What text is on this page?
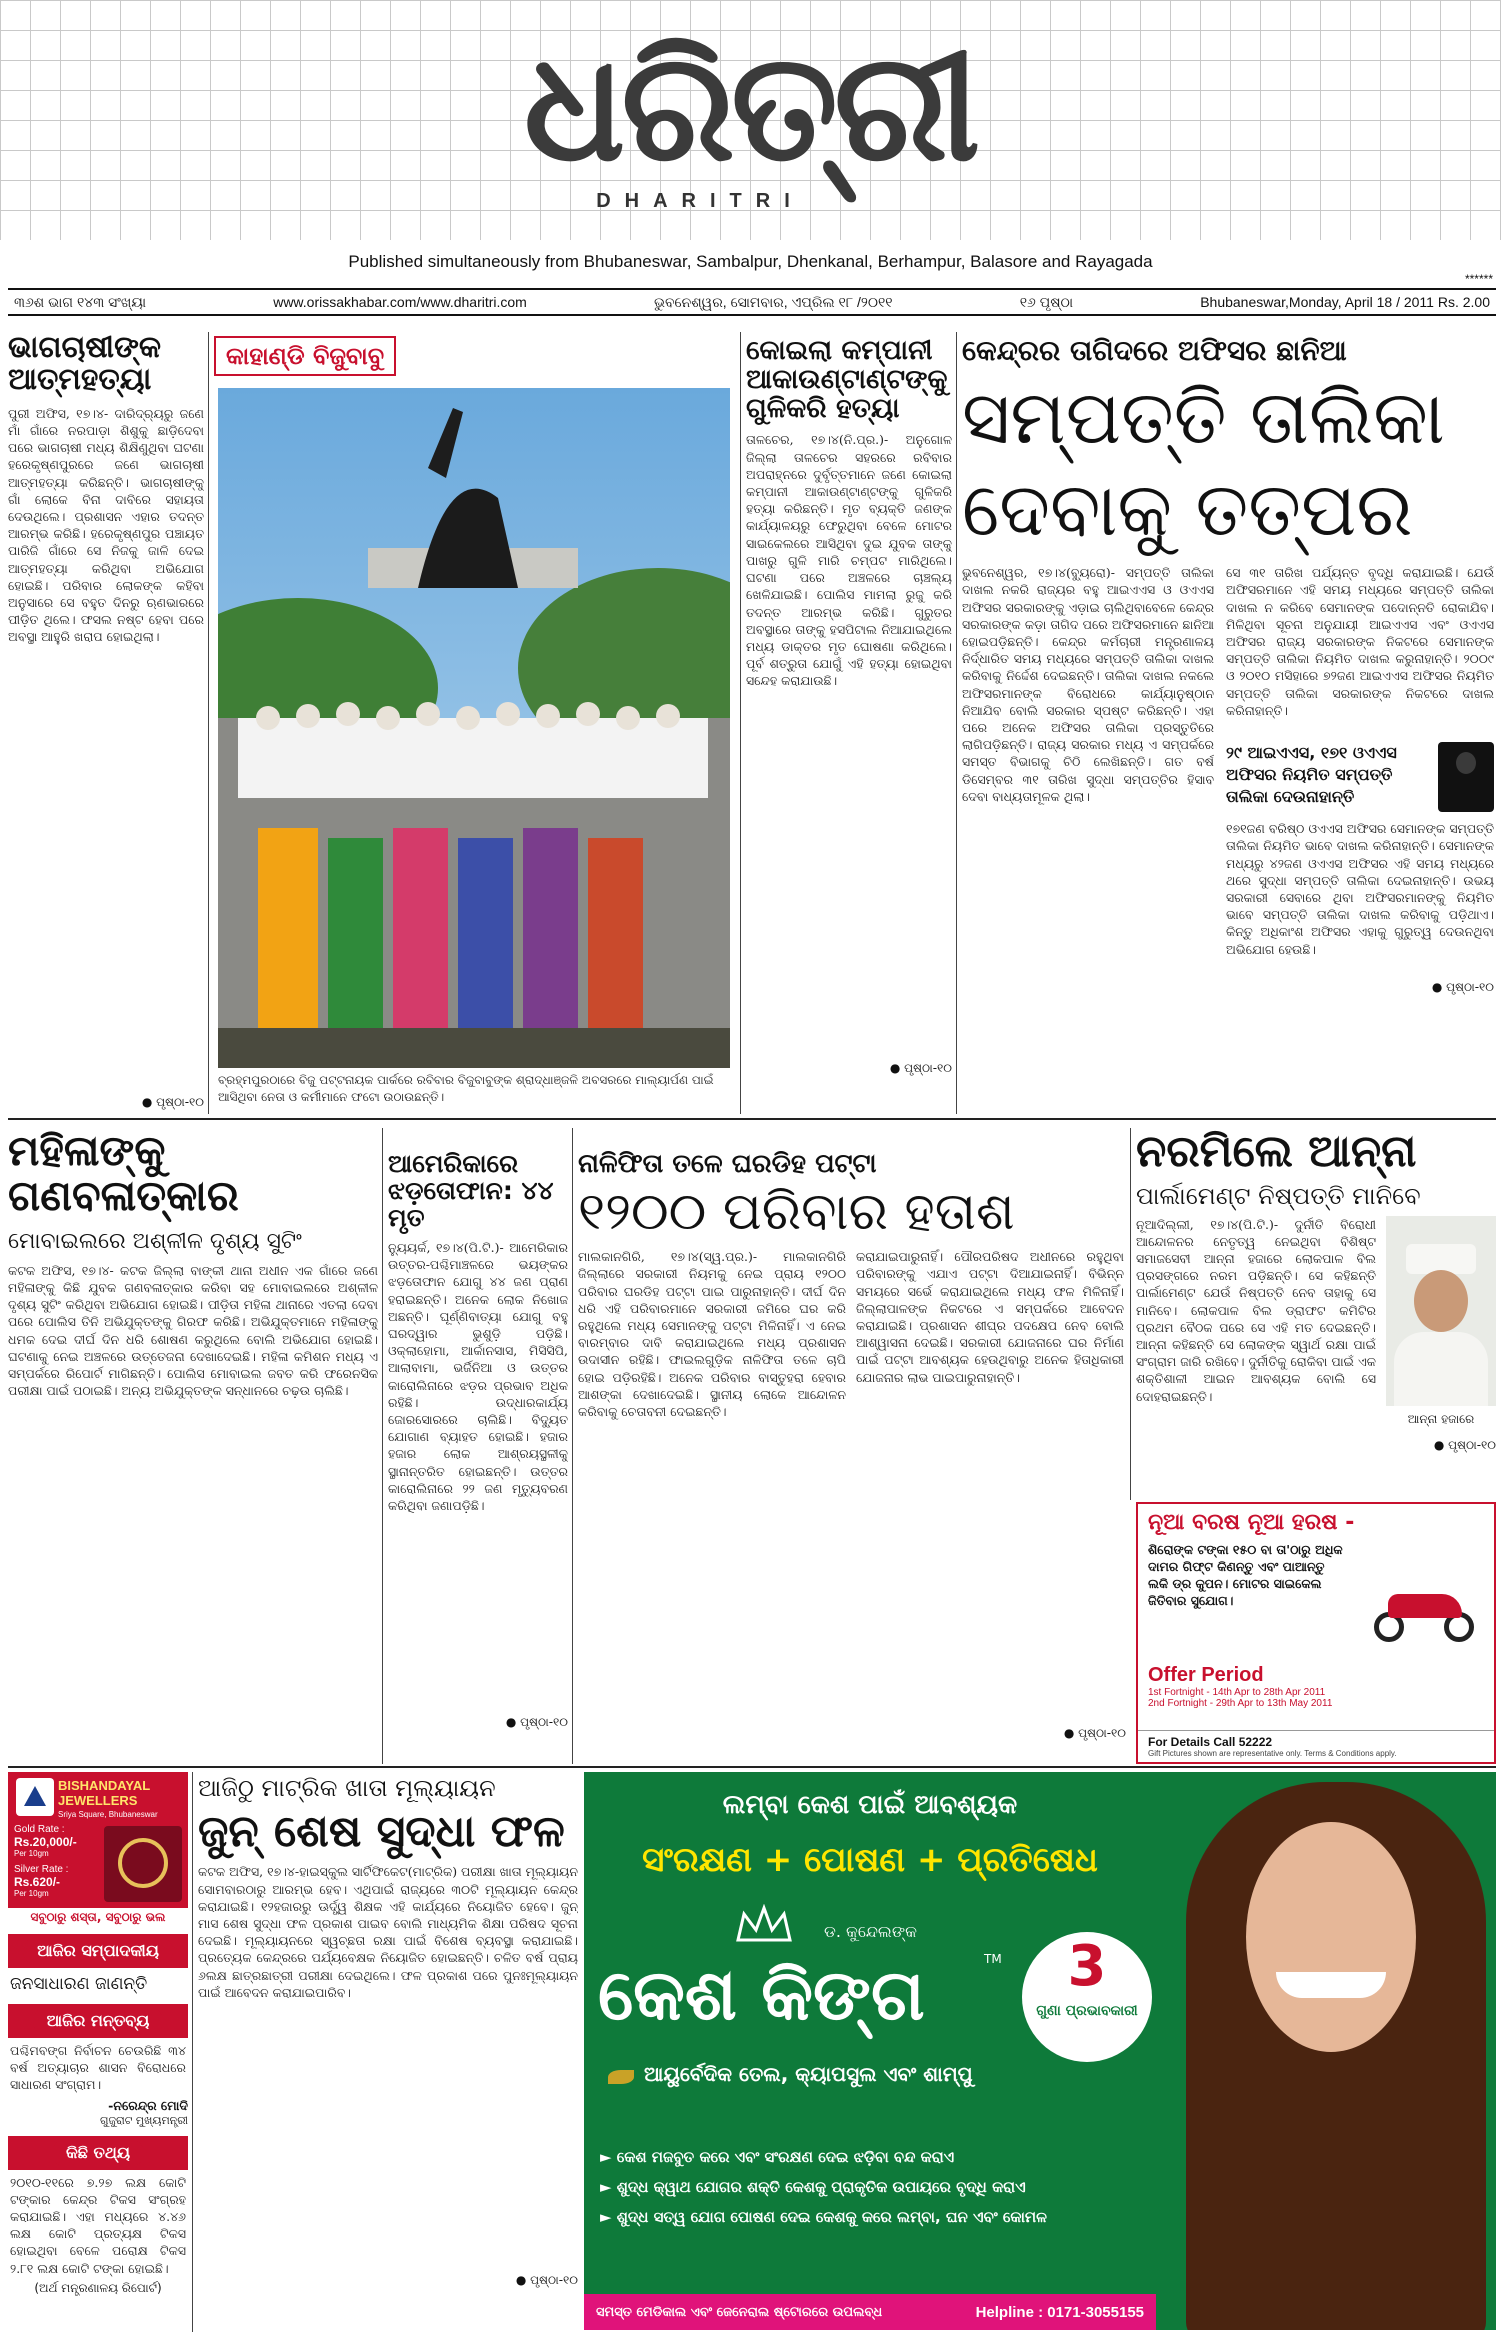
ଧରିତ୍ରୀ
DHARITRI
Published simultaneously from Bhubaneswar, Sambalpur, Dhenkanal, Berhampur, Balasore and Rayagada
******
୩୬ଶ ଭାଗ ୧୪୩ ସଂଖ୍ୟା	www.orissakhabar.com/www.dharitri.com	ଭୁବନେଶ୍ୱର, ସୋମବାର, ଏପ୍ରିଲ ୧୮ /୨୦୧୧	୧୬ ପୃଷ୍ଠା	Bhubaneswar,Monday, April 18 / 2011 Rs. 2.00
ଭାଗଚାଷୀଙ୍କ ଆତ୍ମହତ୍ୟା
ପୁରୀ ଅଫିସ, ୧୭।୪- ଦାରିଦ୍ର୍ୟରୁ ଜଣେ ମାଁ ଗାଁରେ ନରପାଡ଼ା ଶିଶୁକୁ ଛାଡ଼ିଦେବା ପରେ ଭାଗଚାଷୀ ମଧ୍ୟ ଶିକ୍ଷିଣୁଥିବା ଘଟଣା ହରେକୃଷ୍ଣପୁରରେ ଜଣେ ଭାଗଚାଷୀ ଆତ୍ମହତ୍ୟା କରିଛନ୍ତି। ଭାଗଚାଷୀଙ୍କୁ ଗାଁ ଲୋକେ ବିନା ଦାବିରେ ସହାୟତା ଦେଉଥିଲେ। ପ୍ରଶାସନ ଏହାର ତଦନ୍ତ ଆରମ୍ଭ କରିଛି। ହରେକୃଷ୍ଣପୁର ପଞ୍ଚାୟତ ପାରିଜି ଗାଁରେ ସେ ନିଜକୁ ଜାଳି ଦେଇ ଆତ୍ମହତ୍ୟା କରିଥିବା ଅଭିଯୋଗ ହୋଇଛି। ପରିବାର ଲୋକଙ୍କ କହିବା ଅନୁସାରେ ସେ ବହୁତ ଦିନରୁ ଋଣଭାରରେ ପୀଡ଼ିତ ଥିଲେ। ଫସଲ ନଷ୍ଟ ହେବା ପରେ ଅବସ୍ଥା ଆହୁରି ଖରାପ ହୋଇଥିଲା।
● ପୃଷ୍ଠା-୧୦
କାହାଣ୍ଡି ବିଜୁବାବୁ
ବ୍ରହ୍ମପୁରଠାରେ ବିଜୁ ପଟ୍ଟନାୟକ ପାର୍କରେ ରବିବାର ବିଜୁବାବୁଙ୍କ ଶ୍ରାଦ୍ଧାଞ୍ଜଳି ଅବସରରେ ମାଲ୍ୟାର୍ପଣ ପାଇଁ ଆସିଥିବା ନେତା ଓ କର୍ମୀମାନେ ଫଟୋ ଉଠାଉଛନ୍ତି।
କୋଇଲା କମ୍ପାନୀ ଆକାଉଣ୍ଟାଣ୍ଟଙ୍କୁ ଗୁଳିକରି ହତ୍ୟା
ତାଳଚେର, ୧୭।୪(ନି.ପ୍ର.)- ଅନୁଗୋଳ ଜିଲ୍ଲା ତାଳଚେର ସହରରେ ରବିବାର ଅପରାହ୍ନରେ ଦୁର୍ବୃତ୍ତମାନେ ଜଣେ କୋଇଲା କମ୍ପାନୀ ଆକାଉଣ୍ଟାଣ୍ଟଙ୍କୁ ଗୁଳିକରି ହତ୍ୟା କରିଛନ୍ତି। ମୃତ ବ୍ୟକ୍ତି ଜଣଙ୍କ କାର୍ଯ୍ୟାଳୟରୁ ଫେରୁଥିବା ବେଳେ ମୋଟର ସାଇକେଲରେ ଆସିଥିବା ଦୁଇ ଯୁବକ ତାଙ୍କୁ ପାଖରୁ ଗୁଳି ମାରି ଚମ୍ପଟ ମାରିଥିଲେ। ଘଟଣା ପରେ ଅଞ୍ଚଳରେ ଚାଞ୍ଚଲ୍ୟ ଖେଳିଯାଇଛି। ପୋଲିସ ମାମଲା ରୁଜୁ କରି ତଦନ୍ତ ଆରମ୍ଭ କରିଛି। ଗୁରୁତର ଅବସ୍ଥାରେ ତାଙ୍କୁ ହସପିଟାଲ ନିଆଯାଇଥିଲେ ମଧ୍ୟ ଡାକ୍ତର ମୃତ ଘୋଷଣା କରିଥିଲେ। ପୂର୍ବ ଶତ୍ରୁତା ଯୋଗୁଁ ଏହି ହତ୍ୟା ହୋଇଥିବା ସନ୍ଦେହ କରାଯାଉଛି।
● ପୃଷ୍ଠା-୧୦
କେନ୍ଦ୍ରର ତାଗିଦରେ ଅଫିସର ଛାନିଆ
ସମ୍ପତ୍ତି ତାଲିକା ଦେବାକୁ ତତ୍ପର
ଭୁବନେଶ୍ୱର, ୧୭।୪(ବ୍ୟୁରୋ)- ସମ୍ପତ୍ତି ତାଲିକା ଦାଖଲ ନକରି ରାଜ୍ୟର ବହୁ ଆଇଏଏସ ଓ ଓଏଏସ ଅଫିସର ସରକାରଙ୍କୁ ଏଡ଼ାଇ ଚାଲିଥିବାବେଳେ କେନ୍ଦ୍ର ସରକାରଙ୍କ କଡ଼ା ତାଗିଦ ପରେ ଅଫିସରମାନେ ଛାନିଆ ହୋଇପଡ଼ିଛନ୍ତି। କେନ୍ଦ୍ର କର୍ମଚାରୀ ମନ୍ତ୍ରଣାଳୟ ନିର୍ଦ୍ଧାରିତ ସମୟ ମଧ୍ୟରେ ସମ୍ପତ୍ତି ତାଲିକା ଦାଖଲ କରିବାକୁ ନିର୍ଦ୍ଦେଶ ଦେଇଛନ୍ତି। ତାଲିକା ଦାଖଲ ନକଲେ ଅଫିସରମାନଙ୍କ ବିରୋଧରେ କାର୍ଯ୍ୟାନୁଷ୍ଠାନ ନିଆଯିବ ବୋଲି ସରକାର ସ୍ପଷ୍ଟ କରିଛନ୍ତି। ଏହା ପରେ ଅନେକ ଅଫିସର ତାଲିକା ପ୍ରସ୍ତୁତିରେ ଲାଗିପଡ଼ିଛନ୍ତି। ରାଜ୍ୟ ସରକାର ମଧ୍ୟ ଏ ସମ୍ପର୍କରେ ସମସ୍ତ ବିଭାଗକୁ ଚିଠି ଲେଖିଛନ୍ତି। ଗତ ବର୍ଷ ଡିସେମ୍ବର ୩୧ ତାରିଖ ସୁଦ୍ଧା ସମ୍ପତ୍ତିର ହିସାବ ଦେବା ବାଧ୍ୟତାମୂଳକ ଥିଲା।
ସେ ୩୧ ତାରିଖ ପର୍ଯ୍ୟନ୍ତ ବୃଦ୍ଧି କରାଯାଇଛି। ଯେଉଁ ଅଫିସରମାନେ ଏହି ସମୟ ମଧ୍ୟରେ ସମ୍ପତ୍ତି ତାଲିକା ଦାଖଲ ନ କରିବେ ସେମାନଙ୍କ ପଦୋନ୍ନତି ରୋକାଯିବ। ମିଳିଥିବା ସୂଚନା ଅନୁଯାୟୀ ଆଇଏଏସ ଏବଂ ଓଏଏସ ଅଫିସର ରାଜ୍ୟ ସରକାରଙ୍କ ନିକଟରେ ସେମାନଙ୍କ ସମ୍ପତ୍ତି ତାଲିକା ନିୟମିତ ଦାଖଲ କରୁନାହାନ୍ତି। ୨୦୦୯ ଓ ୨୦୧୦ ମସିହାରେ ୭୨ଜଣ ଆଇଏଏସ ଅଫିସର ନିୟମିତ ସମ୍ପତ୍ତି ତାଲିକା ସରକାରଙ୍କ ନିକଟରେ ଦାଖଲ କରିନାହାନ୍ତି।
୨୯ ଆଇଏଏସ, ୧୭୧ ଓଏଏସ ଅଫିସର ନିୟମିତ ସମ୍ପତ୍ତି ତାଲିକା ଦେଉନାହାନ୍ତି
୧୭୧ଜଣ ବରିଷ୍ଠ ଓଏଏସ ଅଫିସର ସେମାନଙ୍କ ସମ୍ପତ୍ତି ତାଲିକା ନିୟମିତ ଭାବେ ଦାଖଲ କରିନାହାନ୍ତି। ସେମାନଙ୍କ ମଧ୍ୟରୁ ୪୨ଜଣ ଓଏଏସ ଅଫିସର ଏହି ସମୟ ମଧ୍ୟରେ ଥରେ ସୁଦ୍ଧା ସମ୍ପତ୍ତି ତାଲିକା ଦେଇନାହାନ୍ତି। ଉଭୟ ସରକାରୀ ସେବାରେ ଥିବା ଅଫିସରମାନଙ୍କୁ ନିୟମିତ ଭାବେ ସମ୍ପତ୍ତି ତାଲିକା ଦାଖଲ କରିବାକୁ ପଡ଼ିଥାଏ। କିନ୍ତୁ ଅଧିକାଂଶ ଅଫିସର ଏହାକୁ ଗୁରୁତ୍ୱ ଦେଉନଥିବା ଅଭିଯୋଗ ହେଉଛି।
● ପୃଷ୍ଠା-୧୦
ମହିଳାଙ୍କୁ ଗଣବଳାତ୍କାର
ମୋବାଇଲରେ ଅଶ୍ଳୀଳ ଦୃଶ୍ୟ ସୁଟିଂ
କଟକ ଅଫିସ, ୧୭।୪- କଟକ ଜିଲ୍ଲା ବାଙ୍କୀ ଥାନା ଅଧୀନ ଏକ ଗାଁରେ ଜଣେ ମହିଳାଙ୍କୁ କିଛି ଯୁବକ ଗଣବଳାତ୍କାର କରିବା ସହ ମୋବାଇଲରେ ଅଶ୍ଳୀଳ ଦୃଶ୍ୟ ସୁଟିଂ କରିଥିବା ଅଭିଯୋଗ ହୋଇଛି। ପୀଡ଼ିତା ମହିଳା ଥାନାରେ ଏତଲା ଦେବା ପରେ ପୋଲିସ ତିନି ଅଭିଯୁକ୍ତଙ୍କୁ ଗିରଫ କରିଛି। ଅଭିଯୁକ୍ତମାନେ ମହିଳାଙ୍କୁ ଧମକ ଦେଇ ଦୀର୍ଘ ଦିନ ଧରି ଶୋଷଣ କରୁଥିଲେ ବୋଲି ଅଭିଯୋଗ ହୋଇଛି। ଘଟଣାକୁ ନେଇ ଅଞ୍ଚଳରେ ଉତ୍ତେଜନା ଦେଖାଦେଇଛି। ମହିଳା କମିଶନ ମଧ୍ୟ ଏ ସମ୍ପର୍କରେ ରିପୋର୍ଟ ମାଗିଛନ୍ତି। ପୋଲିସ ମୋବାଇଲ ଜବତ କରି ଫରେନସିକ ପରୀକ୍ଷା ପାଇଁ ପଠାଇଛି। ଅନ୍ୟ ଅଭିଯୁକ୍ତଙ୍କ ସନ୍ଧାନରେ ଚଢ଼ଉ ଚାଲିଛି।
ଆମେରିକାରେ ଝଡ଼ତୋଫାନ: ୪୪ ମୃତ
ନ୍ୟୁୟର୍କ, ୧୭।୪(ପି.ଟି.)- ଆମେରିକାର ଉତ୍ତର-ପଶ୍ଚିମାଞ୍ଚଳରେ ଭୟଙ୍କର ଝଡ଼ତୋଫାନ ଯୋଗୁ ୪୪ ଜଣ ପ୍ରାଣ ହରାଇଛନ୍ତି। ଅନେକ ଲୋକ ନିଖୋଜ ଅଛନ୍ତି। ଘୂର୍ଣ୍ଣିବାତ୍ୟା ଯୋଗୁ ବହୁ ଘରଦ୍ୱାର ଭୁଶୁଡ଼ି ପଡ଼ିଛି। ଓକ୍ଲାହୋମା, ଆର୍କାନସାସ, ମିସିସିପି, ଆଲାବାମା, ଭର୍ଜିନିଆ ଓ ଉତ୍ତର କାରୋଲିନାରେ ଝଡ଼ର ପ୍ରଭାବ ଅଧିକ ରହିଛି। ଉଦ୍ଧାରକାର୍ଯ୍ୟ ଜୋରସୋରରେ ଚାଲିଛି। ବିଦ୍ୟୁତ ଯୋଗାଣ ବ୍ୟାହତ ହୋଇଛି। ହଜାର ହଜାର ଲୋକ ଆଶ୍ରୟସ୍ଥଳୀକୁ ସ୍ଥାନାନ୍ତରିତ ହୋଇଛନ୍ତି। ଉତ୍ତର କାରୋଲିନାରେ ୨୨ ଜଣ ମୃତ୍ୟୁବରଣ କରିଥିବା ଜଣାପଡ଼ିଛି।
● ପୃଷ୍ଠା-୧୦
ନାଳିଫିତା ତଳେ ଘରଡିହ ପଟ୍ଟା
୧୨୦୦ ପରିବାର ହତାଶ
ମାଲକାନଗିରି, ୧୭।୪(ସ୍ୱ.ପ୍ର.)- ମାଲକାନଗିରି ଜିଲ୍ଲାରେ ସରକାରୀ ନିୟମକୁ ନେଇ ପ୍ରାୟ ୧୨୦୦ ପରିବାର ଘରଡିହ ପଟ୍ଟା ପାଇ ପାରୁନାହାନ୍ତି। ଦୀର୍ଘ ଦିନ ଧରି ଏହି ପରିବାରମାନେ ସରକାରୀ ଜମିରେ ଘର କରି ରହୁଥିଲେ ମଧ୍ୟ ସେମାନଙ୍କୁ ପଟ୍ଟା ମିଳିନାହିଁ। ଏ ନେଇ ବାରମ୍ବାର ଦାବି କରାଯାଇଥିଲେ ମଧ୍ୟ ପ୍ରଶାସନ ଉଦାସୀନ ରହିଛି। ଫାଇଲଗୁଡ଼ିକ ନାଳିଫିତା ତଳେ ଚାପି ହୋଇ ପଡ଼ିରହିଛି। ଅନେକ ପରିବାର ବାସ୍ତୁହରା ହେବାର ଆଶଙ୍କା ଦେଖାଦେଇଛି। ସ୍ଥାନୀୟ ଲୋକେ ଆନ୍ଦୋଳନ କରିବାକୁ ଚେତାବନୀ ଦେଇଛନ୍ତି।
କରାଯାଇପାରୁନାହିଁ। ପୌରପରିଷଦ ଅଧୀନରେ ରହୁଥିବା ପରିବାରଙ୍କୁ ଏଯାଏ ପଟ୍ଟା ଦିଆଯାଇନାହିଁ। ବିଭିନ୍ନ ସମୟରେ ସର୍ଭେ କରାଯାଇଥିଲେ ମଧ୍ୟ ଫଳ ମିଳିନାହିଁ। ଜିଲ୍ଲାପାଳଙ୍କ ନିକଟରେ ଏ ସମ୍ପର୍କରେ ଆବେଦନ କରାଯାଇଛି। ପ୍ରଶାସନ ଶୀଘ୍ର ପଦକ୍ଷେପ ନେବ ବୋଲି ଆଶ୍ୱାସନା ଦେଇଛି। ସରକାରୀ ଯୋଜନାରେ ଘର ନିର୍ମାଣ ପାଇଁ ପଟ୍ଟା ଆବଶ୍ୟକ ହେଉଥିବାରୁ ଅନେକ ହିତାଧିକାରୀ ଯୋଜନାର ଲାଭ ପାଇପାରୁନାହାନ୍ତି।
● ପୃଷ୍ଠା-୧୦
ନରମିଲେ ଆନ୍ନା
ପାର୍ଲାମେଣ୍ଟ ନିଷ୍ପତ୍ତି ମାନିବେ
ନୂଆଦିଲ୍ଲୀ, ୧୭।୪(ପି.ଟି.)- ଦୁର୍ନୀତି ବିରୋଧୀ ଆନ୍ଦୋଳନର ନେତୃତ୍ୱ ନେଇଥିବା ବିଶିଷ୍ଟ ସମାଜସେବୀ ଆନ୍ନା ହଜାରେ ଲୋକପାଳ ବିଲ ପ୍ରସଙ୍ଗରେ ନରମ ପଡ଼ିଛନ୍ତି। ସେ କହିଛନ୍ତି ପାର୍ଲାମେଣ୍ଟ ଯେଉଁ ନିଷ୍ପତ୍ତି ନେବ ତାହାକୁ ସେ ମାନିବେ। ଲୋକପାଳ ବିଲ ଡ୍ରାଫଟ କମିଟିର ପ୍ରଥମ ବୈଠକ ପରେ ସେ ଏହି ମତ ଦେଇଛନ୍ତି। ଆନ୍ନା କହିଛନ୍ତି ସେ ଲୋକଙ୍କ ସ୍ୱାର୍ଥ ରକ୍ଷା ପାଇଁ ସଂଗ୍ରାମ ଜାରି ରଖିବେ। ଦୁର୍ନୀତିକୁ ରୋକିବା ପାଇଁ ଏକ ଶକ୍ତିଶାଳୀ ଆଇନ ଆବଶ୍ୟକ ବୋଲି ସେ ଦୋହରାଇଛନ୍ତି।
ଆନ୍ନା ହଜାରେ
● ପୃଷ୍ଠା-୧୦
ନୂଆ ବରଷ ନୂଆ ହରଷ -
ଶିରୋଙ୍କ ଟଙ୍କା ୧୫୦ ବା ତା'ଠାରୁ ଅଧିକ ଦାମର ଗିଫ୍ଟ କିଣନ୍ତୁ ଏବଂ ପାଆନ୍ତୁ ଲକି ଡ୍ର କୁପନ। ମୋଟର ସାଇକେଲ ଜିତିବାର ସୁଯୋଗ।
Offer Period
1st Fortnight - 14th Apr to 28th Apr 2011
2nd Fortnight - 29th Apr to 13th May 2011
For Details Call 52222
Gift Pictures shown are representative only. Terms & Conditions apply.
BISHANDAYAL JEWELLERS
Sriya Square, Bhubaneswar
Gold Rate :
Rs.20,000/-
Per 10gm
Silver Rate :
Rs.620/-
Per 10gm
ସବୁଠାରୁ ଶସ୍ତା, ସବୁଠାରୁ ଭଲ
ଆଜିର ସମ୍ପାଦକୀୟ
ଜନସାଧାରଣ ଜାଣନ୍ତି
ଆଜିର ମନ୍ତବ୍ୟ
ପଶ୍ଚିମବଙ୍ଗ ନିର୍ବାଚନ ଚେଉରିଛି ୩୪ ବର୍ଷ ଅତ୍ୟାଚାର ଶାସନ ବିରୋଧରେ ସାଧାରଣ ସଂଗ୍ରାମ।
-ନରେନ୍ଦ୍ର ମୋଦି
ଗୁଜୁରାଟ ମୁଖ୍ୟମନ୍ତ୍ରୀ
କିଛି ତଥ୍ୟ
୨୦୧୦-୧୧ରେ ୭.୨୭ ଲକ୍ଷ କୋଟି ଟଙ୍କାର କେନ୍ଦ୍ର ଟିକସ ସଂଗ୍ରହ କରାଯାଇଛି। ଏହା ମଧ୍ୟରେ ୪.୪୬ ଲକ୍ଷ କୋଟି ପ୍ରତ୍ୟକ୍ଷ ଟିକସ ହୋଇଥିବା ବେଳେ ପରୋକ୍ଷ ଟିକସ ୨.୮୧ ଲକ୍ଷ କୋଟି ଟଙ୍କା ହୋଇଛି।
(ଅର୍ଥ ମନ୍ତ୍ରଣାଳୟ ରିପୋର୍ଟ)
ଆଜିଠୁ ମାଟ୍ରିକ ଖାତା ମୂଲ୍ୟାୟନ
ଜୁନ୍ ଶେଷ ସୁଦ୍ଧା ଫଳ
କଟକ ଅଫିସ, ୧୭।୪-ହାଇସ୍କୁଲ ସାର୍ଟିଫିକେଟ(ମାଟ୍ରିକ) ପରୀକ୍ଷା ଖାତା ମୂଲ୍ୟାୟନ ସୋମବାରଠାରୁ ଆରମ୍ଭ ହେବ। ଏଥିପାଇଁ ରାଜ୍ୟରେ ୩୦ଟି ମୂଲ୍ୟାୟନ କେନ୍ଦ୍ର କରାଯାଇଛି। ୧୨ହଜାରରୁ ଊର୍ଦ୍ଧ୍ୱ ଶିକ୍ଷକ ଏହି କାର୍ଯ୍ୟରେ ନିୟୋଜିତ ହେବେ। ଜୁନ୍ ମାସ ଶେଷ ସୁଦ୍ଧା ଫଳ ପ୍ରକାଶ ପାଇବ ବୋଲି ମାଧ୍ୟମିକ ଶିକ୍ଷା ପରିଷଦ ସୂଚନା ଦେଇଛି। ମୂଲ୍ୟାୟନରେ ସ୍ୱଚ୍ଛତା ରକ୍ଷା ପାଇଁ ବିଶେଷ ବ୍ୟବସ୍ଥା କରାଯାଇଛି। ପ୍ରତ୍ୟେକ କେନ୍ଦ୍ରରେ ପର୍ଯ୍ୟବେକ୍ଷକ ନିୟୋଜିତ ହୋଇଛନ୍ତି। ଚଳିତ ବର୍ଷ ପ୍ରାୟ ୬ଲକ୍ଷ ଛାତ୍ରଛାତ୍ରୀ ପରୀକ୍ଷା ଦେଇଥିଲେ। ଫଳ ପ୍ରକାଶ ପରେ ପୁନଃମୂଲ୍ୟାୟନ ପାଇଁ ଆବେଦନ କରାଯାଇପାରିବ।
● ପୃଷ୍ଠା-୧୦
ଲମ୍ବା କେଶ ପାଇଁ ଆବଶ୍ୟକ
ସଂରକ୍ଷଣ + ପୋଷଣ + ପ୍ରତିଷେଧ
ଡ. କୁନ୍ଦେଲଙ୍କ
କେଶ କିଙ୍ଗ	TM	3
ଗୁଣା ପ୍ରଭାବକାରୀ
ଆୟୁର୍ବେଦିକ ତେଲ, କ୍ୟାପସୁଲ ଏବଂ ଶାମ୍ପୁ
► କେଶ ମଜବୁତ କରେ ଏବଂ ସଂରକ୍ଷଣ ଦେଇ ଝଡ଼ିବା ବନ୍ଦ କରାଏ
► ଶୁଦ୍ଧ କ୍ୱାଥ ଯୋଗର ଶକ୍ତି କେଶକୁ ପ୍ରାକୃତିକ ଉପାୟରେ ବୃଦ୍ଧି କରାଏ
► ଶୁଦ୍ଧ ସତ୍ୱ ଯୋଗ ପୋଷଣ ଦେଇ କେଶକୁ କରେ ଲମ୍ବା, ଘନ ଏବଂ କୋମଳ
ସମସ୍ତ ମେଡିକାଲ ଏବଂ ଜେନେରାଲ ଷ୍ଟୋରରେ ଉପଲବ୍ଧ	Helpline : 0171-3055155
